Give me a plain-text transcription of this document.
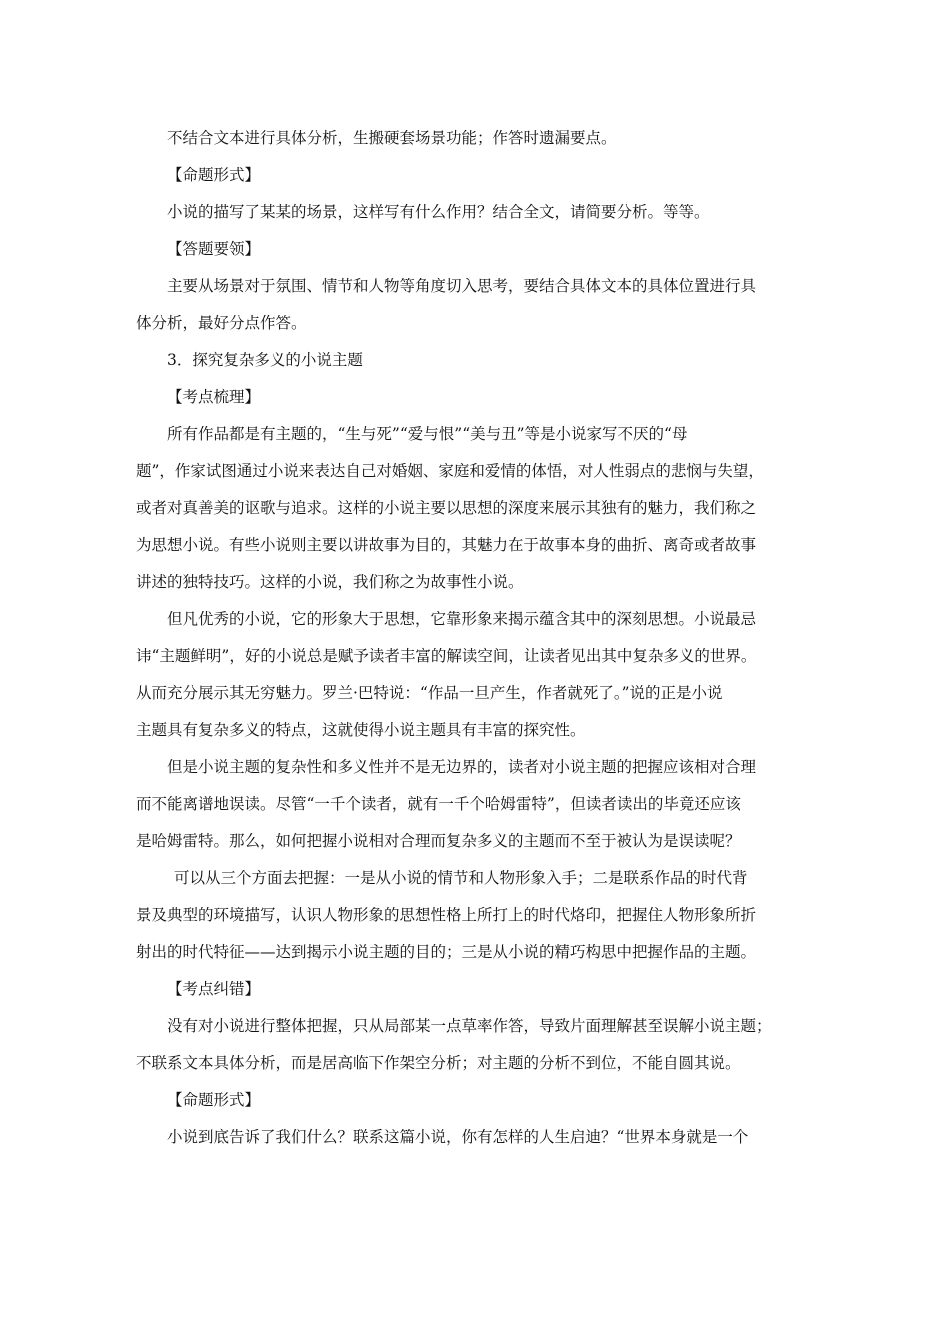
不结合文本进行具体分析，生搬硬套场景功能；作答时遗漏要点。
【命题形式】
小说的描写了某某的场景，这样写有什么作用？结合全文，请简要分析。等等。
【答题要领】
主要从场景对于氛围、情节和人物等角度切入思考，要结合具体文本的具体位置进行具
体分析，最好分点作答。
3．探究复杂多义的小说主题
【考点梳理】
所有作品都是有主题的，“生与死”“爱与恨”“美与丑”等是小说家写不厌的“母
题”，作家试图通过小说来表达自己对婚姻、家庭和爱情的体悟，对人性弱点的悲悯与失望，
或者对真善美的讴歌与追求。这样的小说主要以思想的深度来展示其独有的魅力，我们称之
为思想小说。有些小说则主要以讲故事为目的，其魅力在于故事本身的曲折、离奇或者故事
讲述的独特技巧。这样的小说，我们称之为故事性小说。
但凡优秀的小说，它的形象大于思想，它靠形象来揭示蕴含其中的深刻思想。小说最忌
讳“主题鲜明”，好的小说总是赋予读者丰富的解读空间，让读者见出其中复杂多义的世界。
从而充分展示其无穷魅力。罗兰·巴特说：“作品一旦产生，作者就死了。”说的正是小说
主题具有复杂多义的特点，这就使得小说主题具有丰富的探究性。
但是小说主题的复杂性和多义性并不是无边界的，读者对小说主题的把握应该相对合理
而不能离谱地误读。尽管“一千个读者，就有一千个哈姆雷特”，但读者读出的毕竟还应该
是哈姆雷特。那么，如何把握小说相对合理而复杂多义的主题而不至于被认为是误读呢？
可以从三个方面去把握：一是从小说的情节和人物形象入手；二是联系作品的时代背
景及典型的环境描写，认识人物形象的思想性格上所打上的时代烙印，把握住人物形象所折
射出的时代特征——达到揭示小说主题的目的；三是从小说的精巧构思中把握作品的主题。
【考点纠错】
没有对小说进行整体把握，只从局部某一点草率作答，导致片面理解甚至误解小说主题；
不联系文本具体分析，而是居高临下作架空分析；对主题的分析不到位，不能自圆其说。
【命题形式】
小说到底告诉了我们什么？联系这篇小说，你有怎样的人生启迪？“世界本身就是一个
